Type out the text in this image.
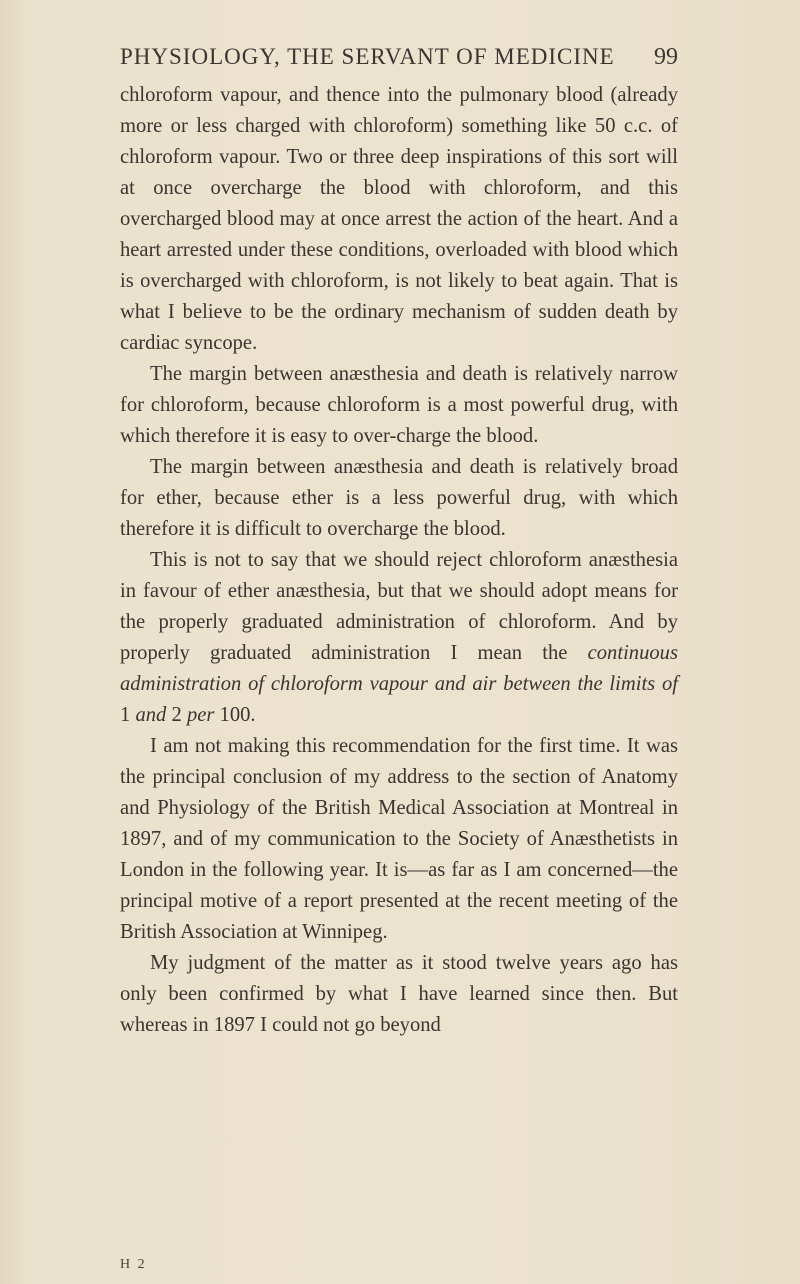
PHYSIOLOGY, THE SERVANT OF MEDICINE 99

chloroform vapour, and thence into the pulmonary blood (already more or less charged with chloroform) something like 50 c.c. of chloroform vapour. Two or three deep inspirations of this sort will at once overcharge the blood with chloroform, and this overcharged blood may at once arrest the action of the heart. And a heart arrested under these conditions, overloaded with blood which is overcharged with chloroform, is not likely to beat again. That is what I believe to be the ordinary mechanism of sudden death by cardiac syncope.

The margin between anæsthesia and death is relatively narrow for chloroform, because chloroform is a most powerful drug, with which therefore it is easy to over-charge the blood.

The margin between anæsthesia and death is relatively broad for ether, because ether is a less powerful drug, with which therefore it is difficult to overcharge the blood.

This is not to say that we should reject chloroform anæsthesia in favour of ether anæsthesia, but that we should adopt means for the properly graduated administration of chloroform. And by properly graduated administration I mean the continuous administration of chloroform vapour and air between the limits of 1 and 2 per 100.

I am not making this recommendation for the first time. It was the principal conclusion of my address to the section of Anatomy and Physiology of the British Medical Association at Montreal in 1897, and of my communication to the Society of Anæsthetists in London in the following year. It is—as far as I am concerned—the principal motive of a report presented at the recent meeting of the British Association at Winnipeg.

My judgment of the matter as it stood twelve years ago has only been confirmed by what I have learned since then. But whereas in 1897 I could not go beyond

H 2
